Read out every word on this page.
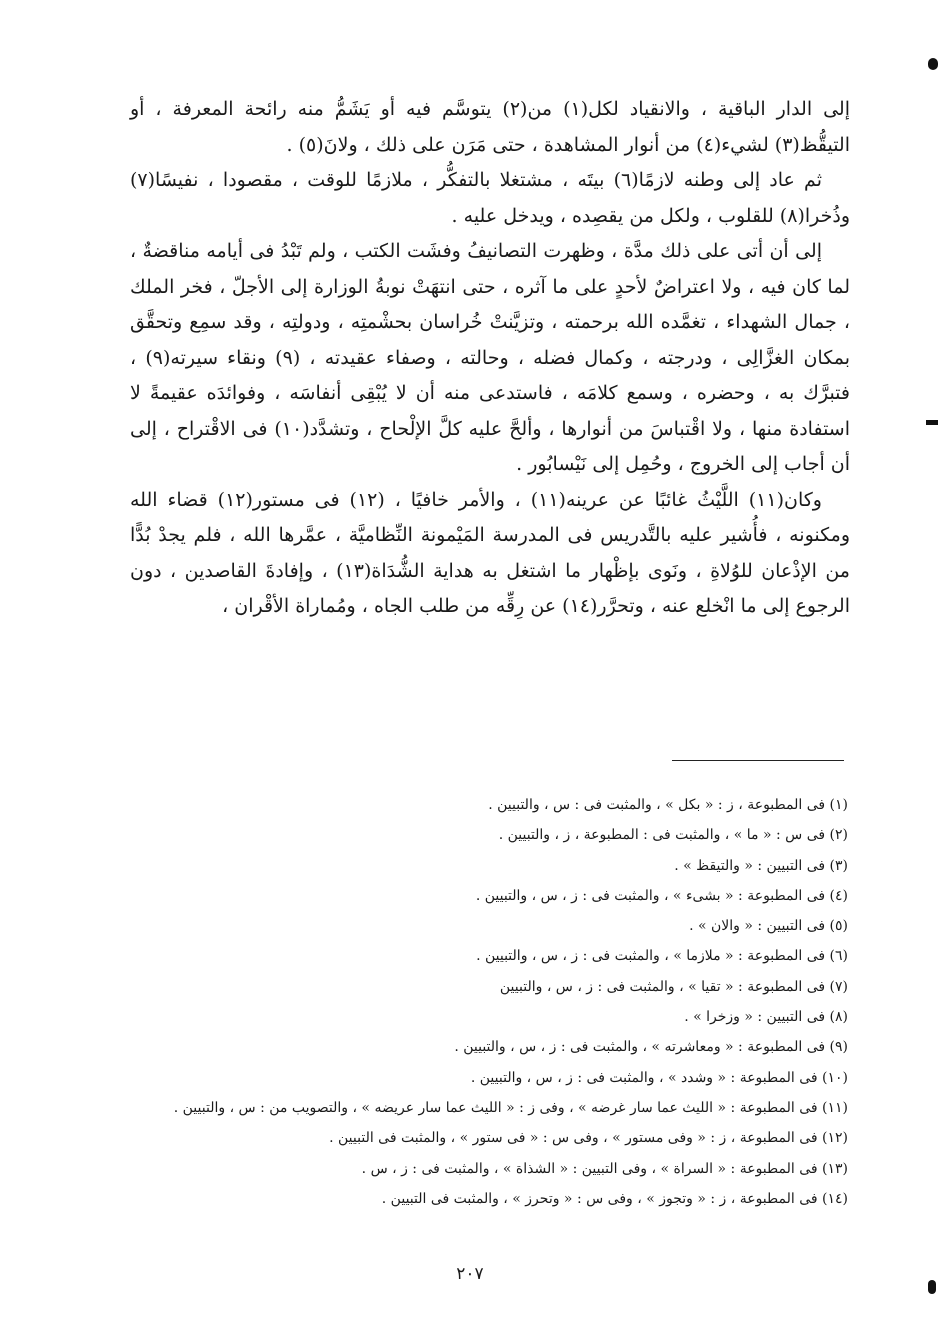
إلى الدار الباقية ، والانقياد لكل(١) من(٢) يتوسَّم فيه أو يَشَمُّ منه رائحة المعرفة ، أو التيقُّظ(٣) لشيء(٤) من أنوار المشاهدة ، حتى مَرَن على ذلك ، ولانَ(٥) .

ثم عاد إلى وطنه لازمًا(٦) بيتَه ، مشتغلا بالتفكُّر ، ملازمًا للوقت ، مقصودا ، نفيسًا(٧) وذُخرا(٨) للقلوب ، ولكل من يقصِده ، ويدخل عليه .

إلى أن أتى على ذلك مدَّة ، وظهرت التصانيفُ وفشَت الكتب ، ولم تَبْدُ فى أيامه مناقضةٌ ، لما كان فيه ، ولا اعتراضٌ لأحدٍ على ما آثره ، حتى انتهَتْ نوبةُ الوزارة إلى الأجلّ ، فخر الملك ، جمال الشهداء ، تغمَّده الله برحمته ، وتزيَّنتْ خُراسان بحشْمتِه ، ودولتِه ، وقد سمِع وتحقَّق بمكان الغزَّالِى ، ودرجته ، وكمال فضله ، وحالته ، وصفاء عقيدته ، (٩) ونقاء سيرته(٩) ، فتبرَّك به ، وحضره ، وسمع كلامَه ، فاستدعى منه أن لا يُبْقِى أنفاسَه ، وفوائدَه عقيمةً لا استفادة منها ، ولا اقْتباسَ من أنوارها ، وألحَّ عليه كلَّ الإلْحاح ، وتشدَّد(١٠) فى الاقْتراح ، إلى أن أجاب إلى الخروج ، وحُمِل إلى نَيْسابُور .

وكان(١١) اللَّيْثُ غائبًا عن عرينه(١١) ، والأمر خافيًا ، (١٢) فى مستور(١٢) قضاء الله ومكنونه ، فأُشير عليه بالتَّدريس فى المدرسة المَيْمونة النِّظاميَّة ، عمَّرها الله ، فلم يجدْ بُدًّا من الإذْعان للوُلاةِ ، ونَوى بإظْهار ما اشتغل به هداية الشُّدَاة(١٣) ، وإفادةَ القاصدين ، دون الرجوع إلى ما انْخلع عنه ، وتحرَّر(١٤) عن رِقِّه من طلب الجاه ، ومُماراة الأقْران ،

(١) فى المطبوعة ، ز : « بكل » ، والمثبت فى : س ، والتبيين .
(٢) فى س : « ما » ، والمثبت فى : المطبوعة ، ز ، والتبيين .
(٣) فى التبيين : « والتيقظ » .
(٤) فى المطبوعة : « بشىء » ، والمثبت فى : ز ، س ، والتبيين .
(٥) فى التبيين : « والان » .
(٦) فى المطبوعة : « ملازما » ، والمثبت فى : ز ، س ، والتبيين .
(٧) فى المطبوعة : « تقيا » ، والمثبت فى : ز ، س ، والتبيين
(٨) فى التبيين : « وزخرا » .
(٩) فى المطبوعة : « ومعاشرته » ، والمثبت فى : ز ، س ، والتبيين .
(١٠) فى المطبوعة : « وشدد » ، والمثبت فى : ز ، س ، والتبيين .
(١١) فى المطبوعة : « الليث عما سار غرضه » ، وفى ز : « الليث عما سار عريضه » ، والتصويب من : س ، والتبيين .
(١٢) فى المطبوعة ، ز : « وفى مستور » ، وفى س : « فى ستور » ، والمثبت فى التبيين .
(١٣) فى المطبوعة : « السراة » ، وفى التبيين : « الشذاة » ، والمثبت فى : ز ، س .
(١٤) فى المطبوعة ، ز : « وتجوز » ، وفى س : « وتحرز » ، والمثبت فى التبيين .
٢٠٧
